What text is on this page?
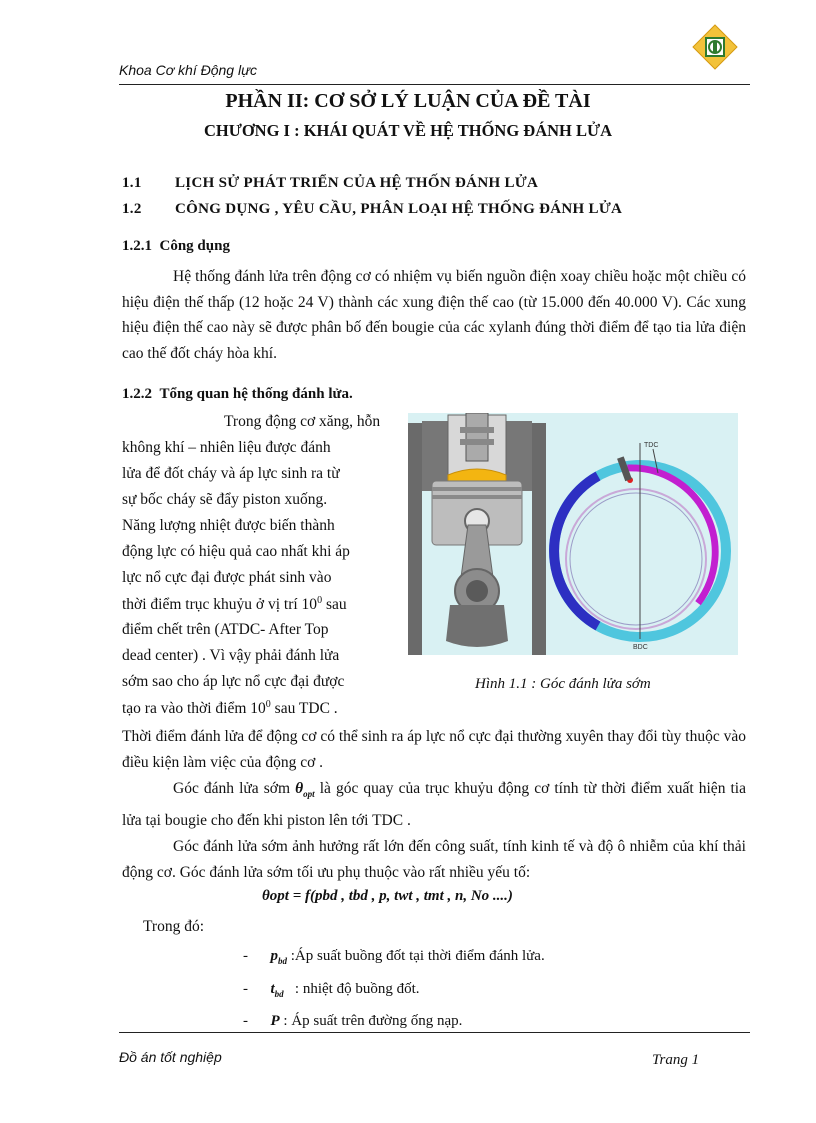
Khoa Cơ khí Động lực
PHẦN II: CƠ SỞ LÝ LUẬN CỦA ĐỀ TÀI
CHƯƠNG I : KHÁI QUÁT VỀ HỆ THỐNG ĐÁNH LỬA
1.1 LỊCH SỬ PHÁT TRIỂN CỦA HỆ THỐN ĐÁNH LỬA
1.2 CÔNG DỤNG , YÊU CẦU, PHÂN LOẠI HỆ THỐNG ĐÁNH LỬA
1.2.1 Công dụng
Hệ thống đánh lửa trên động cơ có nhiệm vụ biến nguồn điện xoay chiều hoặc một chiều có hiệu điện thế thấp (12 hoặc 24 V) thành các xung điện thế cao (từ 15.000 đến 40.000 V). Các xung hiệu điện thế cao này sẽ được phân bố đến bougie của các xylanh đúng thời điểm để tạo tia lửa điện cao thế đốt cháy hòa khí.
1.2.2 Tổng quan hệ thống đánh lửa.
Trong động cơ xăng, hỗn
không khí – nhiên liệu được đánh
lửa để đốt cháy và áp lực sinh ra từ
sự bốc cháy sẽ đẩy piston xuống.
Năng lượng nhiệt được biến thành
động lực có hiệu quả cao nhất khi áp
lực nổ cực đại được phát sinh vào
thời điểm trục khuỷu ở vị trí $10^0$ sau
điểm chết trên (ATDC- After Top
dead center) . Vì vậy phải đánh lửa
sớm sao cho áp lực nổ cực đại được
tạo ra vào thời điểm $10^0$ sau TDC .
TDC
BDC
Hình 1.1 : Góc đánh lửa sớm
Thời điểm đánh lửa để động cơ có thể sinh ra áp lực nổ cực đại thường xuyên thay đổi tùy thuộc vào điều kiện làm việc của động cơ .
Góc đánh lửa sớm $\theta_{opt}$ là góc quay của trục khuỷu động cơ tính từ thời điểm xuất hiện tia lửa tại bougie cho đến khi piston lên tới TDC .
Góc đánh lửa sớm ảnh hưởng rất lớn đến công suất, tính kinh tế và độ ô nhiễm của khí thải động cơ. Góc đánh lửa sớm tối ưu phụ thuộc vào rất nhiều yếu tố:
θopt = f(pbd , tbd , p, twt , tmt , n, No ....)
Trong đó:
- $p_{bd}$ :Áp suất buồng đốt tại thời điểm đánh lửa.
- $t_{bd}$ : nhiệt độ buồng đốt.
- P : Áp suất trên đường ống nạp.
Đồ án tốt nghiệp	Trang 1
